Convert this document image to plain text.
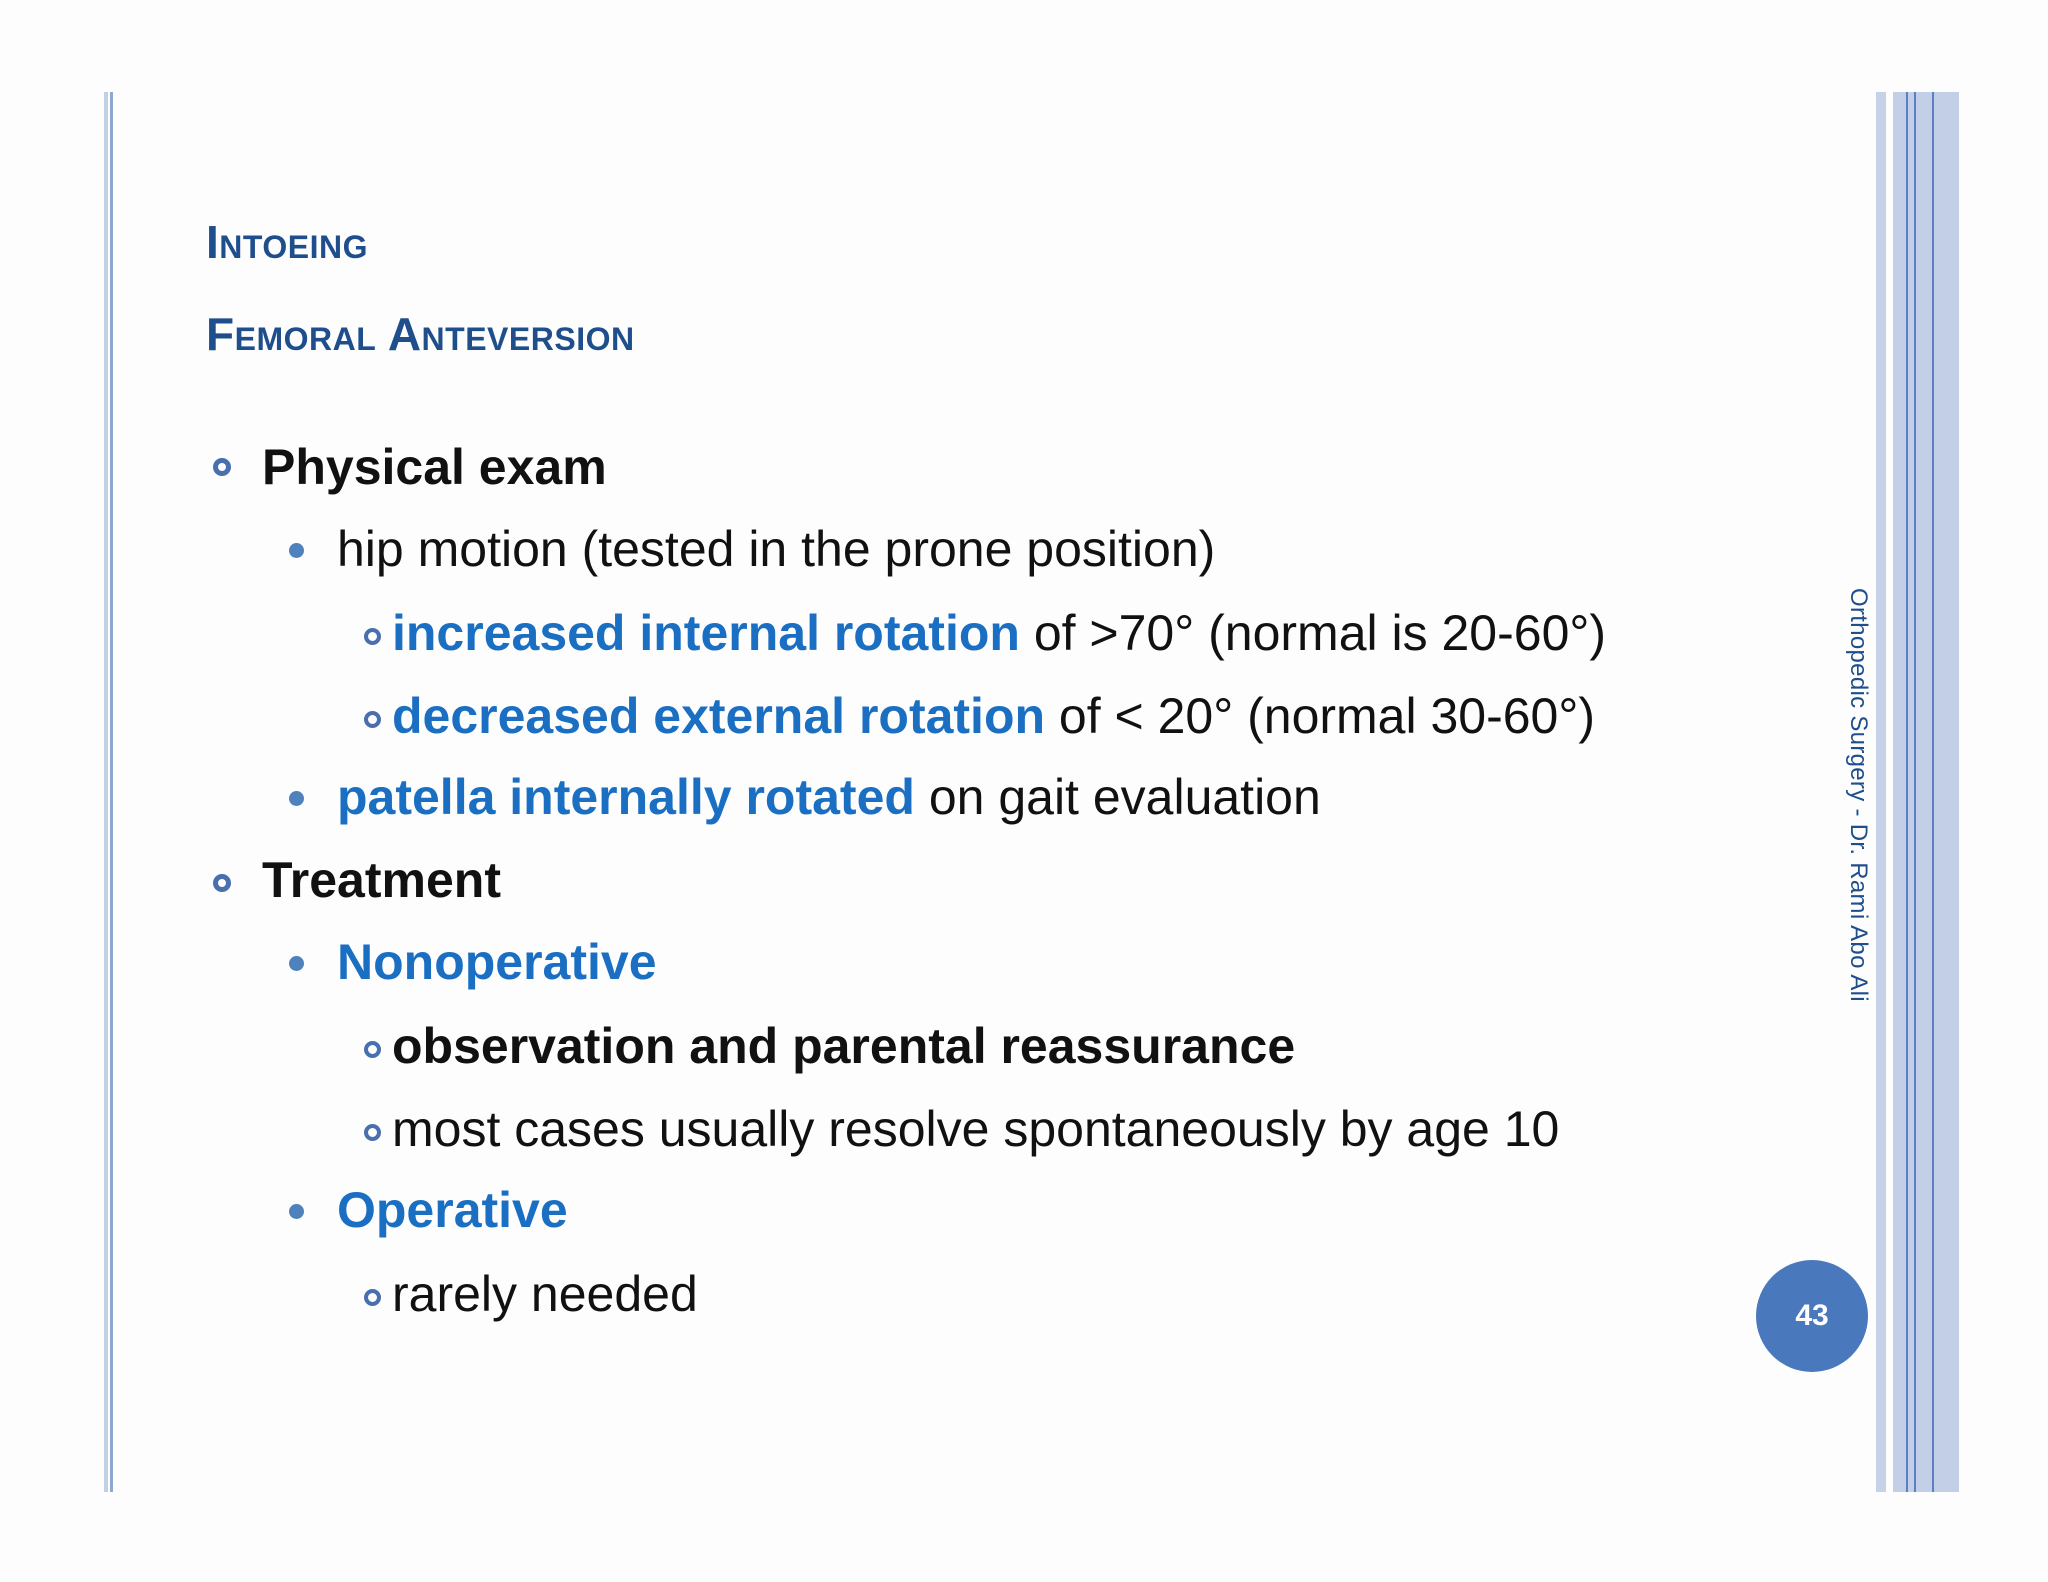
Intoeing
Femoral Anteversion
Physical exam
hip motion (tested in the prone position)
increased internal rotation of >70° (normal is 20-60°)
decreased external rotation of < 20° (normal 30-60°)
patella internally rotated on gait evaluation
Treatment
Nonoperative
observation and parental reassurance
most cases usually resolve spontaneously by age 10
Operative
rarely needed
Orthopedic Surgery - Dr. Rami Abo Ali
43
